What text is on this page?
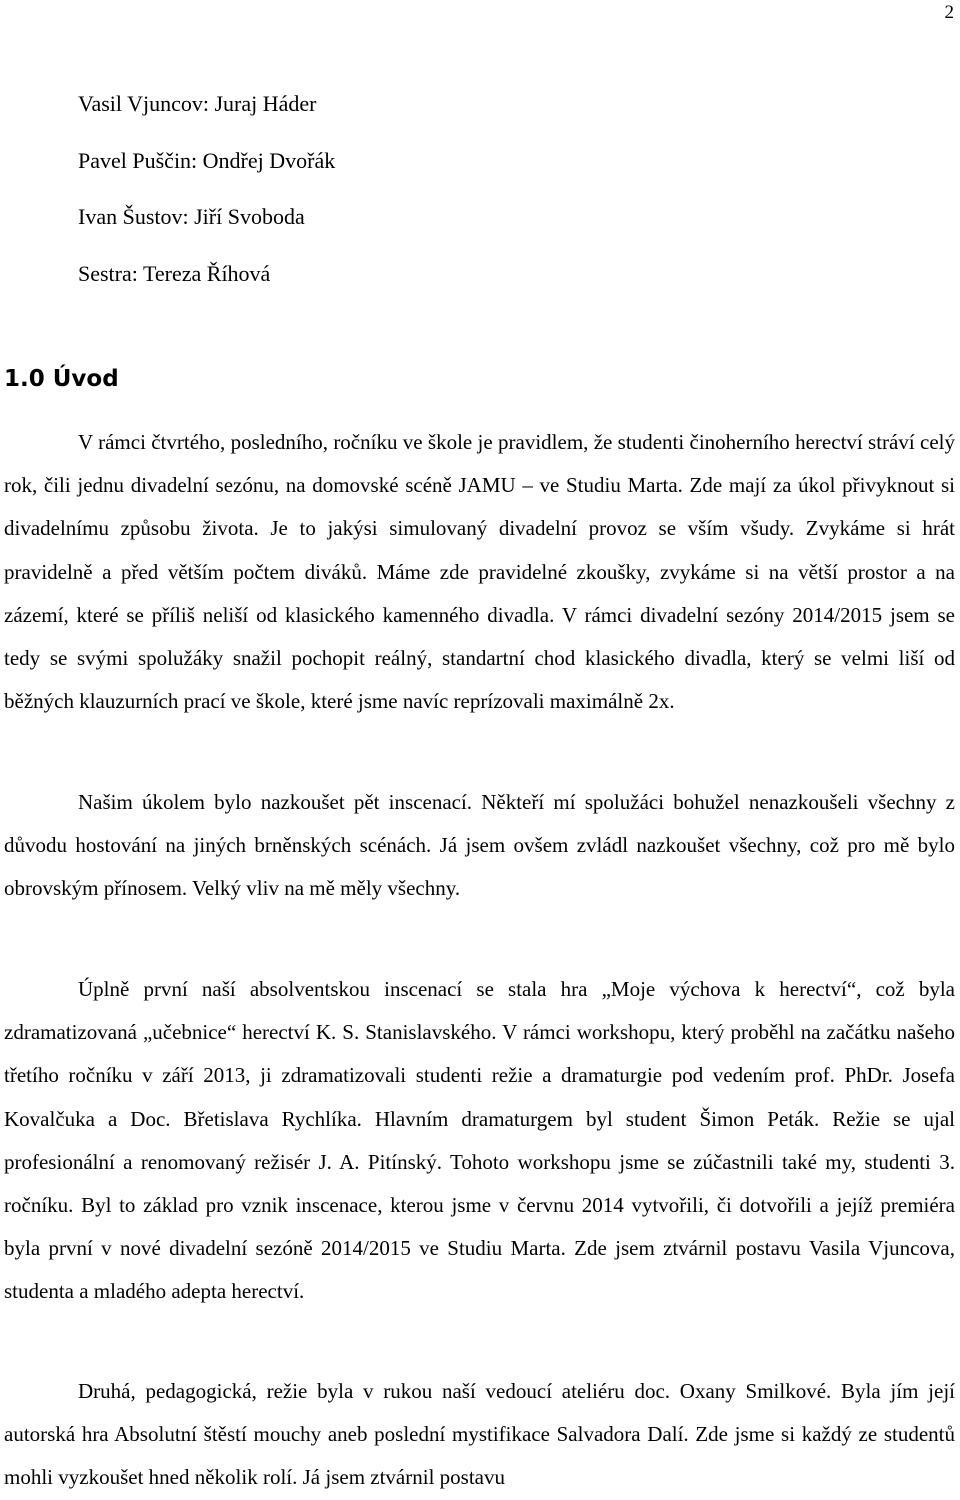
2
Vasil Vjuncov: Juraj Háder
Pavel Puščin: Ondřej Dvořák
Ivan Šustov: Jiří Svoboda
Sestra: Tereza Říhová
1.0 Úvod

V rámci čtvrtého, posledního, ročníku ve škole je pravidlem, že studenti činoherního herectví stráví celý rok, čili jednu divadelní sezónu, na domovské scéně JAMU – ve Studiu Marta. Zde mají za úkol přivyknout si divadelnímu způsobu života. Je to jakýsi simulovaný divadelní provoz se vším všudy. Zvykáme si hrát pravidelně a před větším počtem diváků. Máme zde pravidelné zkoušky, zvykáme si na větší prostor a na zázemí, které se příliš neliší od klasického kamenného divadla. V rámci divadelní sezóny 2014/2015 jsem se tedy se svými spolužáky snažil pochopit reálný, standartní chod klasického divadla, který se velmi liší od běžných klauzurních prací ve škole, které jsme navíc reprízovali maximálně 2x.

Našim úkolem bylo nazkoušet pět inscenací. Někteří mí spolužáci bohužel nenazkoušeli všechny z důvodu hostování na jiných brněnských scénách. Já jsem ovšem zvládl nazkoušet všechny, což pro mě bylo obrovským přínosem. Velký vliv na mě měly všechny.

Úplně první naší absolventskou inscenací se stala hra „Moje výchova k herectví“, což byla zdramatizovaná „učebnice“ herectví K. S. Stanislavského. V rámci workshopu, který proběhl na začátku našeho třetího ročníku v září 2013, ji zdramatizovali studenti režie a dramaturgie pod vedením prof. PhDr. Josefa Kovalčuka a Doc. Břetislava Rychlíka. Hlavním dramaturgem byl student Šimon Peták. Režie se ujal profesionální a renomovaný režisér J. A. Pitínský. Tohoto workshopu jsme se zúčastnili také my, studenti 3. ročníku. Byl to základ pro vznik inscenace, kterou jsme v červnu 2014 vytvořili, či dotvořili a jejíž premiéra byla první v nové divadelní sezóně 2014/2015 ve Studiu Marta. Zde jsem ztvárnil postavu Vasila Vjuncova, studenta a mladého adepta herectví.

Druhá, pedagogická, režie byla v rukou naší vedoucí ateliéru doc. Oxany Smilkové. Byla jím její autorská hra Absolutní štěstí mouchy aneb poslední mystifikace Salvadora Dalí. Zde jsme si každý ze studentů mohli vyzkoušet hned několik rolí. Já jsem ztvárnil postavu
